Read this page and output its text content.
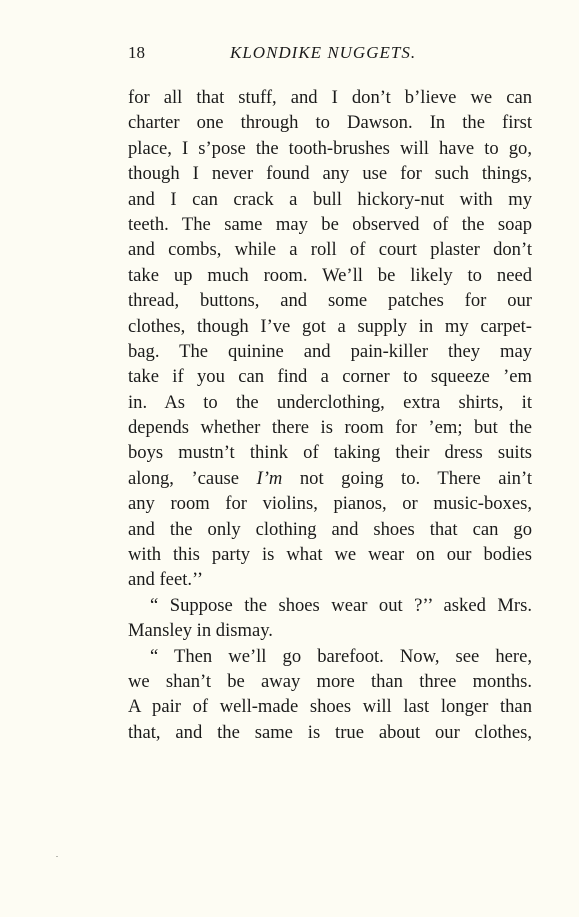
18	KLONDIKE NUGGETS.
for all that stuff, and I don’t b’lieve we can
charter one through to Dawson. In the first
place, I s’pose the tooth-brushes will have to go,
though I never found any use for such things,
and I can crack a bull hickory-nut with my
teeth. The same may be observed of the soap
and combs, while a roll of court plaster don’t
take up much room. We’ll be likely to need
thread, buttons, and some patches for our
clothes, though I’ve got a supply in my carpet-
bag. The quinine and pain-killer they may
take if you can find a corner to squeeze ’em
in. As to the underclothing, extra shirts, it
depends whether there is room for ’em; but the
boys mustn’t think of taking their dress suits
along, ’cause I’m not going to. There ain’t
any room for violins, pianos, or music-boxes,
and the only clothing and shoes that can go
with this party is what we wear on our bodies
and feet.’’
“ Suppose the shoes wear out ?’’ asked Mrs.
Mansley in dismay.
“ Then we’ll go barefoot. Now, see here,
we shan’t be away more than three months.
A pair of well-made shoes will last longer than
that, and the same is true about our clothes,
